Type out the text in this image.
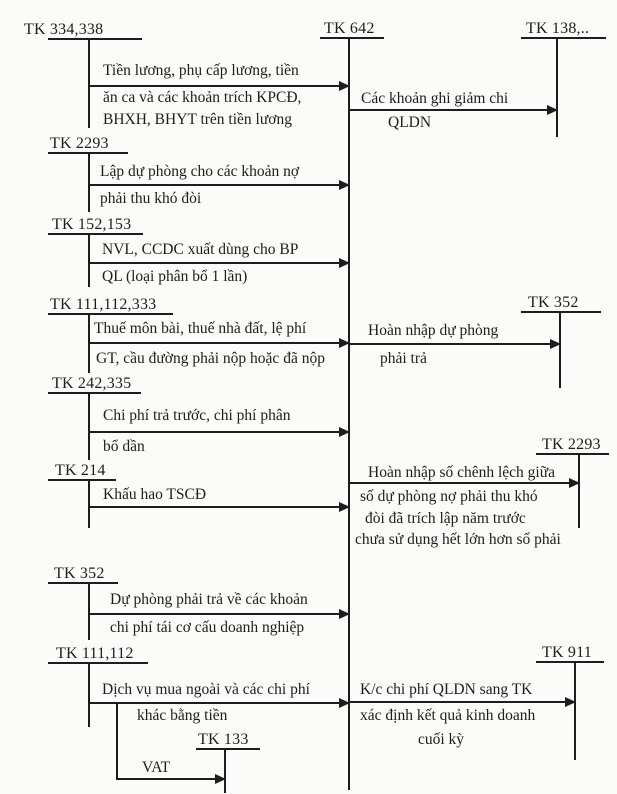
TK 642
TK 334,338
Tiền lương, phụ cấp lương, tiền
ăn ca và các khoản trích KPCĐ,
BHXH, BHYT trên tiền lương
TK 2293
Lập dự phòng cho các khoản nợ
phải thu khó đòi
TK 152,153
NVL, CCDC xuất dùng cho BP
QL (loại phân bổ 1 lần)
TK 111,112,333
Thuế môn bài, thuế nhà đất, lệ phí
GT, cầu đường phải nộp hoặc đã nộp
TK 242,335
Chi phí trả trước, chi phí phân
bổ dần
TK 214
Khấu hao TSCĐ
TK 352
Dự phòng phải trả về các khoản
chi phí tái cơ cấu doanh nghiệp
TK 111,112
Dịch vụ mua ngoài và các chi phí
khác bằng tiền
VAT
TK 133
TK 138,..
Các khoản ghi giảm chi
QLDN
TK 352
Hoàn nhập dự phòng
phải trả
TK 2293
Hoàn nhập số chênh lệch giữa
số dự phòng nợ phải thu khó
đòi đã trích lập năm trước
chưa sử dụng hết lớn hơn số phải
TK 911
K/c chi phí QLDN sang TK
xác định kết quả kinh doanh
cuối kỳ
